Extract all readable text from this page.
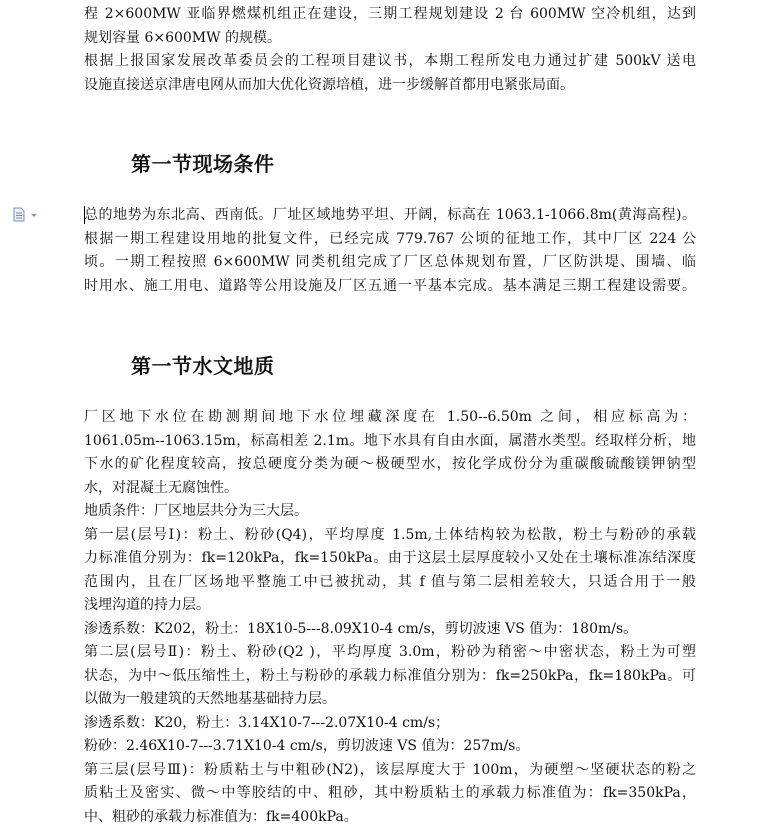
程 2×600MW 亚临界燃煤机组正在建设，三期工程规划建设 2 台 600MW 空冷机组，达到
规划容量 6×600MW 的规模。
根据上报国家发展改革委员会的工程项目建议书，本期工程所发电力通过扩建 500kV 送电
设施直接送京津唐电网从而加大优化资源培植，进一步缓解首都用电紧张局面。
第一节现场条件
总的地势为东北高、西南低。厂址区域地势平坦、开阔，标高在 1063.1-1066.8m(黄海高程)。
根据一期工程建设用地的批复文件，已经完成 779.767 公顷的征地工作，其中厂区 224 公
顷。一期工程按照 6×600MW 同类机组完成了厂区总体规划布置，厂区防洪堤、围墙、临
时用水、施工用电、道路等公用设施及厂区五通一平基本完成。基本满足三期工程建设需要。
第一节水文地质
厂区地下水位在勘测期间地下水位埋藏深度在 1.50--6.50m 之间，相应标高为：
1061.05m--1063.15m，标高相差 2.1m。地下水具有自由水面，属潜水类型。经取样分析，地
下水的矿化程度较高，按总硬度分类为硬～极硬型水，按化学成份分为重碳酸硫酸镁钾钠型
水，对混凝土无腐蚀性。
地质条件：厂区地层共分为三大层。
第一层(层号Ⅰ)：粉土、粉砂(Q4)，平均厚度 1.5m,土体结构较为松散，粉土与粉砂的承载
力标准值分别为：fk=120kPa，fk=150kPa。由于这层土层厚度较小又处在土壤标准冻结深度
范围内，且在厂区场地平整施工中已被扰动，其 f 值与第二层相差较大，只适合用于一般
浅埋沟道的持力层。
渗透系数：K202，粉土：18X10-5---8.09X10-4 cm/s，剪切波速 VS 值为：180m/s。
第二层(层号Ⅱ)：粉土、粉砂(Q2 )，平均厚度 3.0m，粉砂为稍密～中密状态，粉土为可塑
状态，为中～低压缩性土，粉土与粉砂的承载力标准值分别为：fk=250kPa，fk=180kPa。可
以做为一般建筑的天然地基基础持力层。
渗透系数：K20，粉土：3.14X10-7---2.07X10-4 cm/s；
粉砂：2.46X10-7---3.71X10-4 cm/s，剪切波速 VS 值为：257m/s。
第三层(层号Ⅲ)：粉质粘土与中粗砂(N2)，该层厚度大于 100m，为硬塑～坚硬状态的粉之
质粘土及密实、微～中等胶结的中、粗砂，其中粉质粘土的承载力标准值为：fk=350kPa，
中、粗砂的承载力标准值为：fk=400kPa。
